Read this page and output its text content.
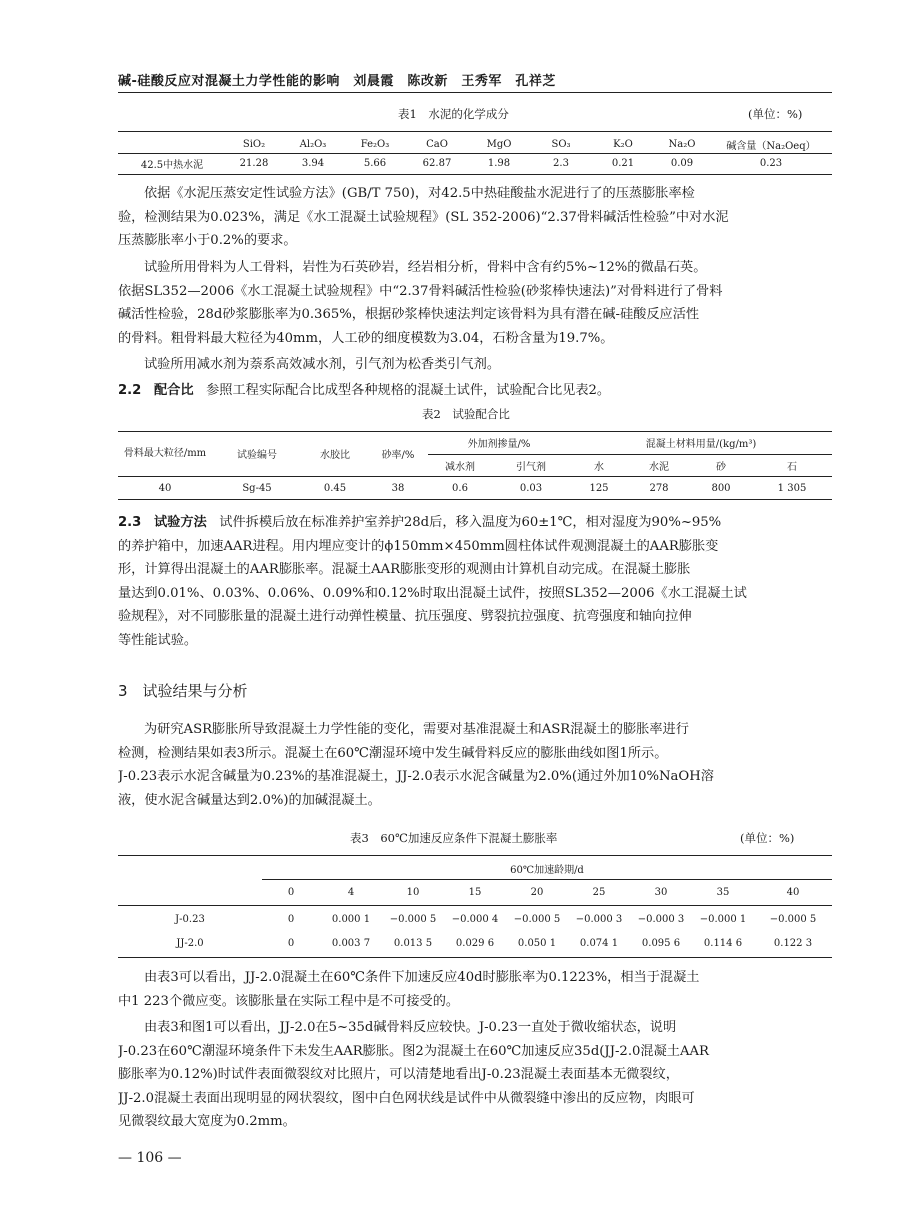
碱-硅酸反应对混凝土力学性能的影响　刘晨霞　陈改新　王秀军　孔祥芝
表1　水泥的化学成分	(单位：%)
	SiO₂	Al₂O₃	Fe₂O₃	CaO	MgO	SO₃	K₂O	Na₂O	碱含量（Na₂Oeq）

42.5中热水泥	21.28	3.94	5.66	62.87	1.98	2.3	0.21	0.09	0.23
依据《水泥压蒸安定性试验方法》(GB/T 750)，对42.5中热硅酸盐水泥进行了的压蒸膨胀率检
验，检测结果为0.023%，满足《水工混凝土试验规程》(SL 352-2006)“2.37骨料碱活性检验”中对水泥
压蒸膨胀率小于0.2%的要求。
试验所用骨料为人工骨料，岩性为石英砂岩，经岩相分析，骨料中含有约5%~12%的微晶石英。
依据SL352—2006《水工混凝土试验规程》中“2.37骨料碱活性检验(砂浆棒快速法)”对骨料进行了骨料
碱活性检验，28d砂浆膨胀率为0.365%，根据砂浆棒快速法判定该骨料为具有潜在碱-硅酸反应活性
的骨料。粗骨料最大粒径为40mm，人工砂的细度模数为3.04，石粉含量为19.7%。
试验所用减水剂为萘系高效减水剂，引气剂为松香类引气剂。
2.2 配合比 参照工程实际配合比成型各种规格的混凝土试件，试验配合比见表2。
表2　试验配合比
骨料最大粒径/mm	试验编号	水胶比	砂率/%	外加剂掺量/%		混凝土材料用量/(kg/m³)			
				减水剂	引气剂	水	水泥	砂	石

40	Sg-45	0.45	38	0.6	0.03	125	278	800	1 305
2.3 试验方法 试件拆模后放在标准养护室养护28d后，移入温度为60±1℃，相对湿度为90%~95%
的养护箱中，加速AAR进程。用内埋应变计的ϕ150mm×450mm圆柱体试件观测混凝土的AAR膨胀变
形，计算得出混凝土的AAR膨胀率。混凝土AAR膨胀变形的观测由计算机自动完成。在混凝土膨胀
量达到0.01%、0.03%、0.06%、0.09%和0.12%时取出混凝土试件，按照SL352—2006《水工混凝土试
验规程》，对不同膨胀量的混凝土进行动弹性模量、抗压强度、劈裂抗拉强度、抗弯强度和轴向拉伸
等性能试验。
3　试验结果与分析
为研究ASR膨胀所导致混凝土力学性能的变化，需要对基准混凝土和ASR混凝土的膨胀率进行
检测，检测结果如表3所示。混凝土在60℃潮湿环境中发生碱骨料反应的膨胀曲线如图1所示。
J-0.23表示水泥含碱量为0.23%的基准混凝土，JJ-2.0表示水泥含碱量为2.0%(通过外加10%NaOH溶
液，使水泥含碱量达到2.0%)的加碱混凝土。
表3　60℃加速反应条件下混凝土膨胀率	(单位：%)
	60℃加速龄期/d								
	0	4	10	15	20	25	30	35	40

J-0.23	0	0.000 1	−0.000 5	−0.000 4	−0.000 5	−0.000 3	−0.000 3	−0.000 1	−0.000 5
JJ-2.0	0	0.003 7	0.013 5	0.029 6	0.050 1	0.074 1	0.095 6	0.114 6	0.122 3
由表3可以看出，JJ-2.0混凝土在60℃条件下加速反应40d时膨胀率为0.1223%，相当于混凝土
中1 223个微应变。该膨胀量在实际工程中是不可接受的。
由表3和图1可以看出，JJ-2.0在5~35d碱骨料反应较快。J-0.23一直处于微收缩状态，说明
J-0.23在60℃潮湿环境条件下未发生AAR膨胀。图2为混凝土在60℃加速反应35d(JJ-2.0混凝土AAR
膨胀率为0.12%)时试件表面微裂纹对比照片，可以清楚地看出J-0.23混凝土表面基本无微裂纹，
JJ-2.0混凝土表面出现明显的网状裂纹，图中白色网状线是试件中从微裂缝中渗出的反应物，肉眼可
见微裂纹最大宽度为0.2mm。
— 106 —
